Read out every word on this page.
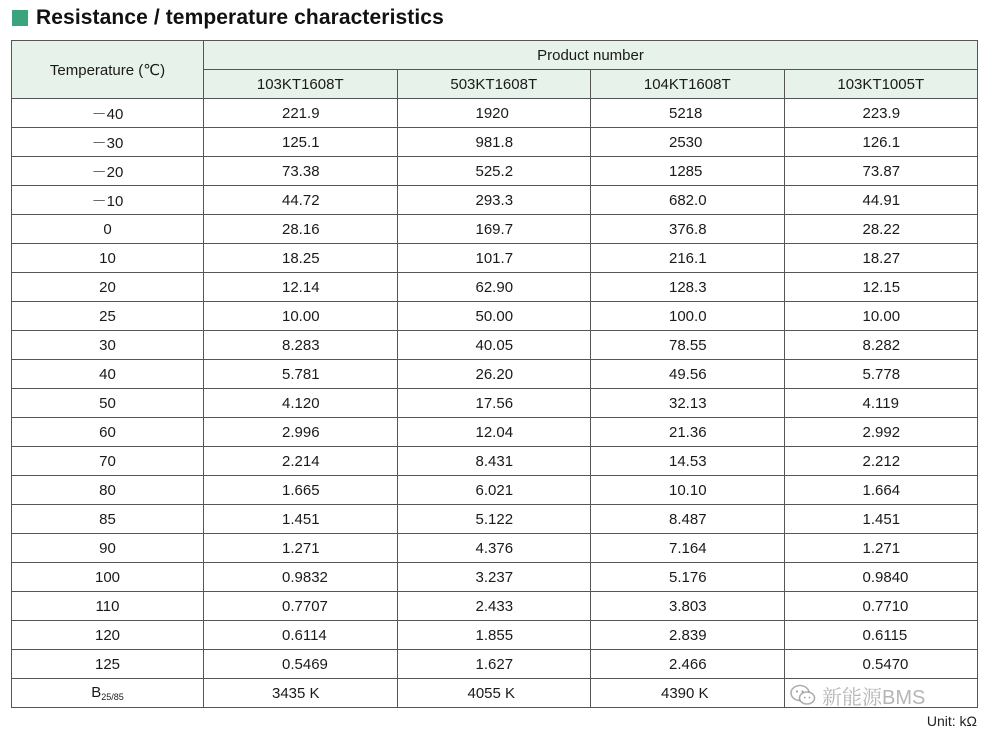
Resistance / temperature characteristics
Temperature (℃)	Product number			
	103KT1608T	503KT1608T	104KT1608T	103KT1005T
－40	221.9	1920	5218	223.9
－30	125.1	981.8	2530	126.1
－20	73.38	525.2	1285	73.87
－10	44.72	293.3	682.0	44.91
0	28.16	169.7	376.8	28.22
10	18.25	101.7	216.1	18.27
20	12.14	62.90	128.3	12.15
25	10.00	50.00	100.0	10.00
30	8.283	40.05	78.55	8.282
40	5.781	26.20	49.56	5.778
50	4.120	17.56	32.13	4.119
60	2.996	12.04	21.36	2.992
70	2.214	8.431	14.53	2.212
80	1.665	6.021	10.10	1.664
85	1.451	5.122	8.487	1.451
90	1.271	4.376	7.164	1.271
100	0.9832	3.237	5.176	0.9840
110	0.7707	2.433	3.803	0.7710
120	0.6114	1.855	2.839	0.6115
125	0.5469	1.627	2.466	0.5470
$B_{25/85}$	3435 K	4055 K	4390 K		新能源BMS
Unit: kΩ
